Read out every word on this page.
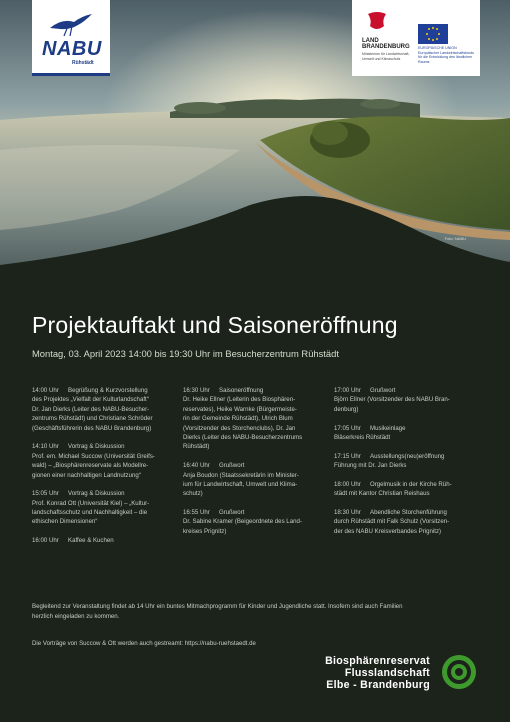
NABU
Rühstädt
LAND
BRANDENBURG
Ministerium für Landwirtschaft, Umwelt und Klimaschutz
EUROPÄISCHE UNION
Europäischer Landwirtschaftsfonds für die Entwicklung des ländlichen Raums
Foto: NABU
Projektauftakt und Saisoneröffnung
Montag, 03. April 2023 14:00 bis 19:30 Uhr im Besucherzentrum Rühstädt
14:00 Uhr Begrüßung & Kurzvorstellung
des Projektes „Vielfalt der Kulturlandschaft“
Dr. Jan Dierks (Leiter des NABU-Besucher-
zentrums Rühstädt) und Christiane Schröder
(Geschäftsführerin des NABU Brandenburg)
14:10 Uhr Vortrag & Diskussion
Prof. em. Michael Succow (Universität Greifs-
wald) – „Biosphärenreservate als Modellre-
gionen einer nachhaltigen Landnutzung“
15:05 Uhr Vortrag & Diskussion
Prof. Konrad Ott (Universität Kiel) – „Kultur-
landschaftsschutz und Nachhaltigkeit – die
ethischen Dimensionen“
16:00 Uhr Kaffee & Kuchen
16:30 Uhr Saisoneröffnung
Dr. Heike Ellner (Leiterin des Biosphären-
reservates), Heike Warnke (Bürgermeiste-
rin der Gemeinde Rühstädt), Ulrich Blum
(Vorsitzender des Storchenclubs), Dr. Jan
Dierks (Leiter des NABU-Besucherzentrums
Rühstädt)
16:40 Uhr Grußwort
Anja Boudon (Staatssekretärin im Minister-
ium für Landwirtschaft, Umwelt und Klima-
schutz)
16:55 Uhr Grußwort
Dr. Sabine Kramer (Beigeordnete des Land-
kreises Prignitz)
17:00 Uhr Grußwort
Björn Ellner (Vorsitzender des NABU Bran-
denburg)
17:05 Uhr Musikeinlage
Bläserkreis Rühstädt
17:15 Uhr Ausstellungs(neu)eröffnung
Führung mit Dr. Jan Dierks
18:00 Uhr Orgelmusik in der Kirche Rüh-
städt mit Kantor Christian Reishaus
18:30 Uhr Abendliche Storchenführung
durch Rühstädt mit Falk Schulz (Vorsitzen-
der des NABU Kreisverbandes Prignitz)
Begleitend zur Veranstaltung findet ab 14 Uhr ein buntes Mitmachprogramm für Kinder und Jugendliche statt. Insofern sind auch Familien
herzlich eingeladen zu kommen.
Die Vorträge von Succow & Ott werden auch gestreamt: https://nabu-ruehstaedt.de
Biosphärenreservat
Flusslandschaft
Elbe - Brandenburg
